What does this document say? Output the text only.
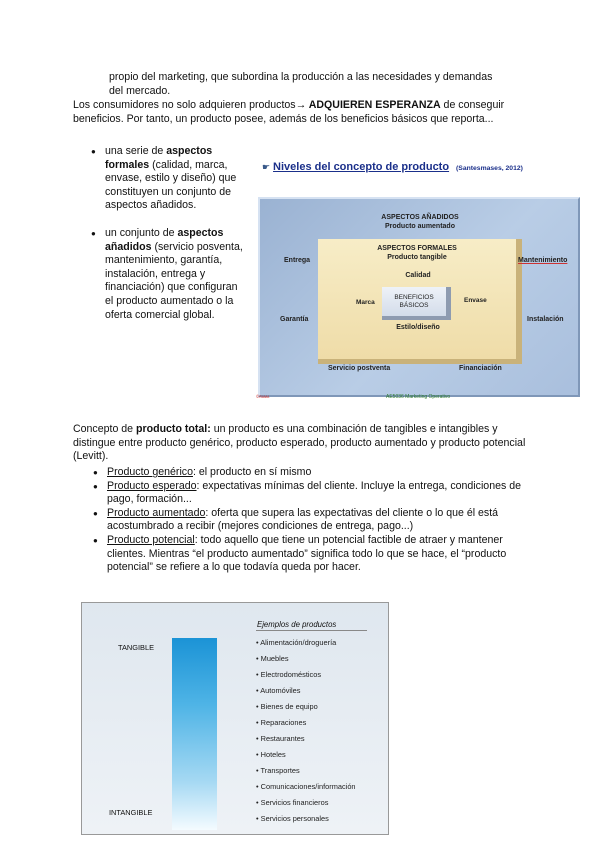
propio del marketing, que subordina la producción a las necesidades y demandas
del mercado.
Los consumidores no solo adquieren productos→ ADQUIEREN ESPERANZA de conseguir
beneficios. Por tanto, un producto posee, además de los beneficios básicos que reporta...
● una serie de aspectos formales (calidad, marca, envase, estilo y diseño) que constituyen un conjunto de aspectos añadidos.
● un conjunto de aspectos añadidos (servicio posventa, mantenimiento, garantía, instalación, entrega y financiación) que configuran el producto aumentado o la oferta comercial global.
☛ Niveles del concepto de producto (Santesmases, 2012)
ASPECTOS AÑADIDOS
Producto aumentado
ASPECTOS FORMALES
Producto tangible
Calidad
Marca	Envase
BENEFICIOS
BÁSICOS
Estilo/diseño
Entrega	Mantenimiento
Garantía	Instalación
Servicio postventa	Financiación
©ʀᴀᴍᴀ	AE5036 Marketing Operativo
Concepto de producto total: un producto es una combinación de tangibles e intangibles y distingue entre producto genérico, producto esperado, producto aumentado y producto potencial (Levitt).
● Producto genérico: el producto en sí mismo
● Producto esperado: expectativas mínimas del cliente. Incluye la entrega, condiciones de pago, formación...
● Producto aumentado: oferta que supera las expectativas del cliente o lo que él está acostumbrado a recibir (mejores condiciones de entrega, pago...)
● Producto potencial: todo aquello que tiene un potencial factible de atraer y mantener clientes. Mientras “el producto aumentado” significa todo lo que se hace, el “producto potencial” se refiere a lo que todavía queda por hacer.
TANGIBLE
INTANGIBLE
Ejemplos de productos
• Alimentación/droguería
• Muebles
• Electrodomésticos
• Automóviles
• Bienes de equipo
• Reparaciones
• Restaurantes
• Hoteles
• Transportes
• Comunicaciones/información
• Servicios financieros
• Servicios personales
